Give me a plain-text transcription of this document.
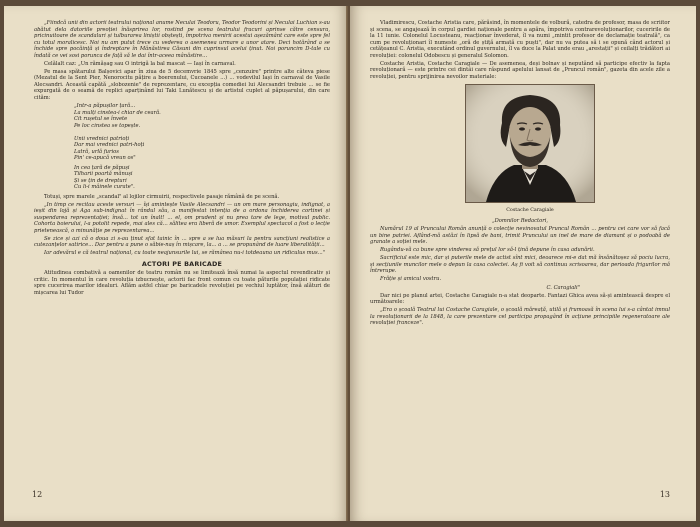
„Fiindcă unii din actorii teatrului național anume Neculai Teodoru, Teodor Teodorini și Neculai Luchian s-au abătut dela datoriile preoției înăsprirea lor, rostind pe scena teatrului fracuri aprinse către censura, pricinuitoare de scandaluri și tulburarea liniștii obștești, împotriva menirii acestui așezământ care este spre fel cu totul moralicesc. Noi nu am putut trece cu vederea o asemenea urmare a unor atare. Deci hotărând a se închide spre pocăință și îndreptare în Mânăstirea Căsuni din cuprinsul acelui ținut. Noi poruncim D-tale cu îndată ce vei sosi porunca de față să le dai într-aceea mânăstire...

Celălalt caz: „Un rămășag sau O intrigă la bal mascat — Iași în carnaval.

Pe masa spătarului Balșovici apar în ziua de 5 decemvrie 1845 spre „cenzuire" printre alte câteva piese (Mezatul de la Sent Pier, Nenorocitu pățire a boerenului, Cucoanele ...) ... vodevilul Iași în carnaval de Vasile Alecsandri. Această capătă „slobozenie" de reprezentare, cu excepția comediei lui Alecsandri trebuie ... se fie expurgată de o seamă de replici aparținând lui Taki Lunătescu și de artistul cuplet al păpușarului, din care cităm:

„Intr-a păpușilor țară...
La mulți cinstea-i chiar de ceară.
Cit rușetul se învete
Pe loc cinstea se topește.

Unii vrednici patrioți
Dar mai vrednici patri-hoți
Latră, urlă furios
Pin' ce-apucă vreun os"
In cea țară de păpuși
Tilharii poartă mănuși
Și se țin de drepturi
Cu li-i mâinele curate".

Totuși, spre marele „scandal" al lojilor cirmuirii, respectivele pasaje rămână de pe scenă.

„In timp ce recitau aceste versuri — își amintește Vasile Alecsandri — un om mare personagiu, indignat, a ieșit din lojă și Aga sub-indignat în rândul său, a manifestat intenția de a ordona închiderea cortinei și suspendarea reprezentației; însă... tot un înalt! ... el, om prudent și nu prea tare de lege, motivul public. Cohorta boierului, l-a potolit repede, mai ales că... sălitea era liberă de umor. Exemplul spectacol a fost o lecție prietenească, o minunăție pe reprezentarea...

Se zice și azi că o doua zi s-au ținut sfat tainic în ... spre a se lua măsuri la pentru sancțiuni realistice a cutezanțelor satirice... Dar pentru a pune o săbie-naș în mișcare, la... a ... se propunând de luare liberalității...

Iar adevărul e că teatrul național, cu toate neajunsurile lui, se rămânea nu-i totdeauna un ridiculus mus..."

ACTORI PE BARICADE

Atitudinea combativă a oamenilor de teatru român nu se limitează însă numai la aspectul revendicativ și critic. In momentul în care revoluția izbucnește, actorii fac front comun cu toate păturile populației ridicate spre cucerirea marilor idealuri. Aflăm astfel chiar pe baricadele revoluției pe vechiul luptător, însă alături de mișcarea lui Tudor

12

Vladimirescu, Costache Aristia care, părăsind, în momentele de volbură, catedra de profesor, masa de scriitor și scena, se angajează în corpul gardiei naționale pentru a apăra, împotriva contrarevoluționarilor, cuceririle de la 11 iunie. Colonelul Locusteanu, reacționar învederat, îl va numi „mintit profesor de declamație teatrală", ca cum pe revoluționari îl numeste „oră de știță armată cu puști", dar nu va putea să i se opună când actorul și cetățeanul C. Aristia, executând ordinul guvernului, îl va duce la Palat unde erau „arestații" și ceilalți trădători ai revoluției: colonelul Odobescu și generalul Solomon.

Costache Aristia, Costache Caragiale — De asemenea, deși bolnav și neputând să participe efectiv la fapta revoluționară — este printre cei dintâi care răspund apelului lansat de „Pruncul român", gazeta din acele zile a revoluției, pentru sprijinirea nevoilor materiale:

Costache Caragiale

„Domnilor Redactori,

Numărul 19 al Pruncului Român anunță o colecție nevinovatul Pruncul Român ... pentru cei care vor să facă un bine patriei. Aflând-mă astăzi în lipsă de bani, trimit Pruncului un inel de mare de diamant și o podoabă de granate a soției mele.

Rugându-vă ca bune spre vinderea să prețul lor să-l țină depune în casa adunării.

Sacrificiul este mic, dar și puterile mele de actist sînt mici, deoarece mi-e dat mă însănătoșez să pociu lucra, și secțiunile muncilor mele o depun la casa colectei. Aș fi voit să continuu scrisoarea, dar perioada frigurilor mă întrerupe.

Frăție și amicul vostru.

C. Caragiali"

Dar nici pe planul artei, Costache Caragiale n-a stat deoparte. Fantazi Ghica avea să-și amintească despre el următoarele:

„Era o școală Teatrul lui Costache Caragiale, o școală măreață, utilă și frumoasă în scena lui s-a cântat imnul la revoluționarii de la 1848, la care prezentare cel participa propagând în acțiune principiile regeneratoare ale revoluției franceze".

13
